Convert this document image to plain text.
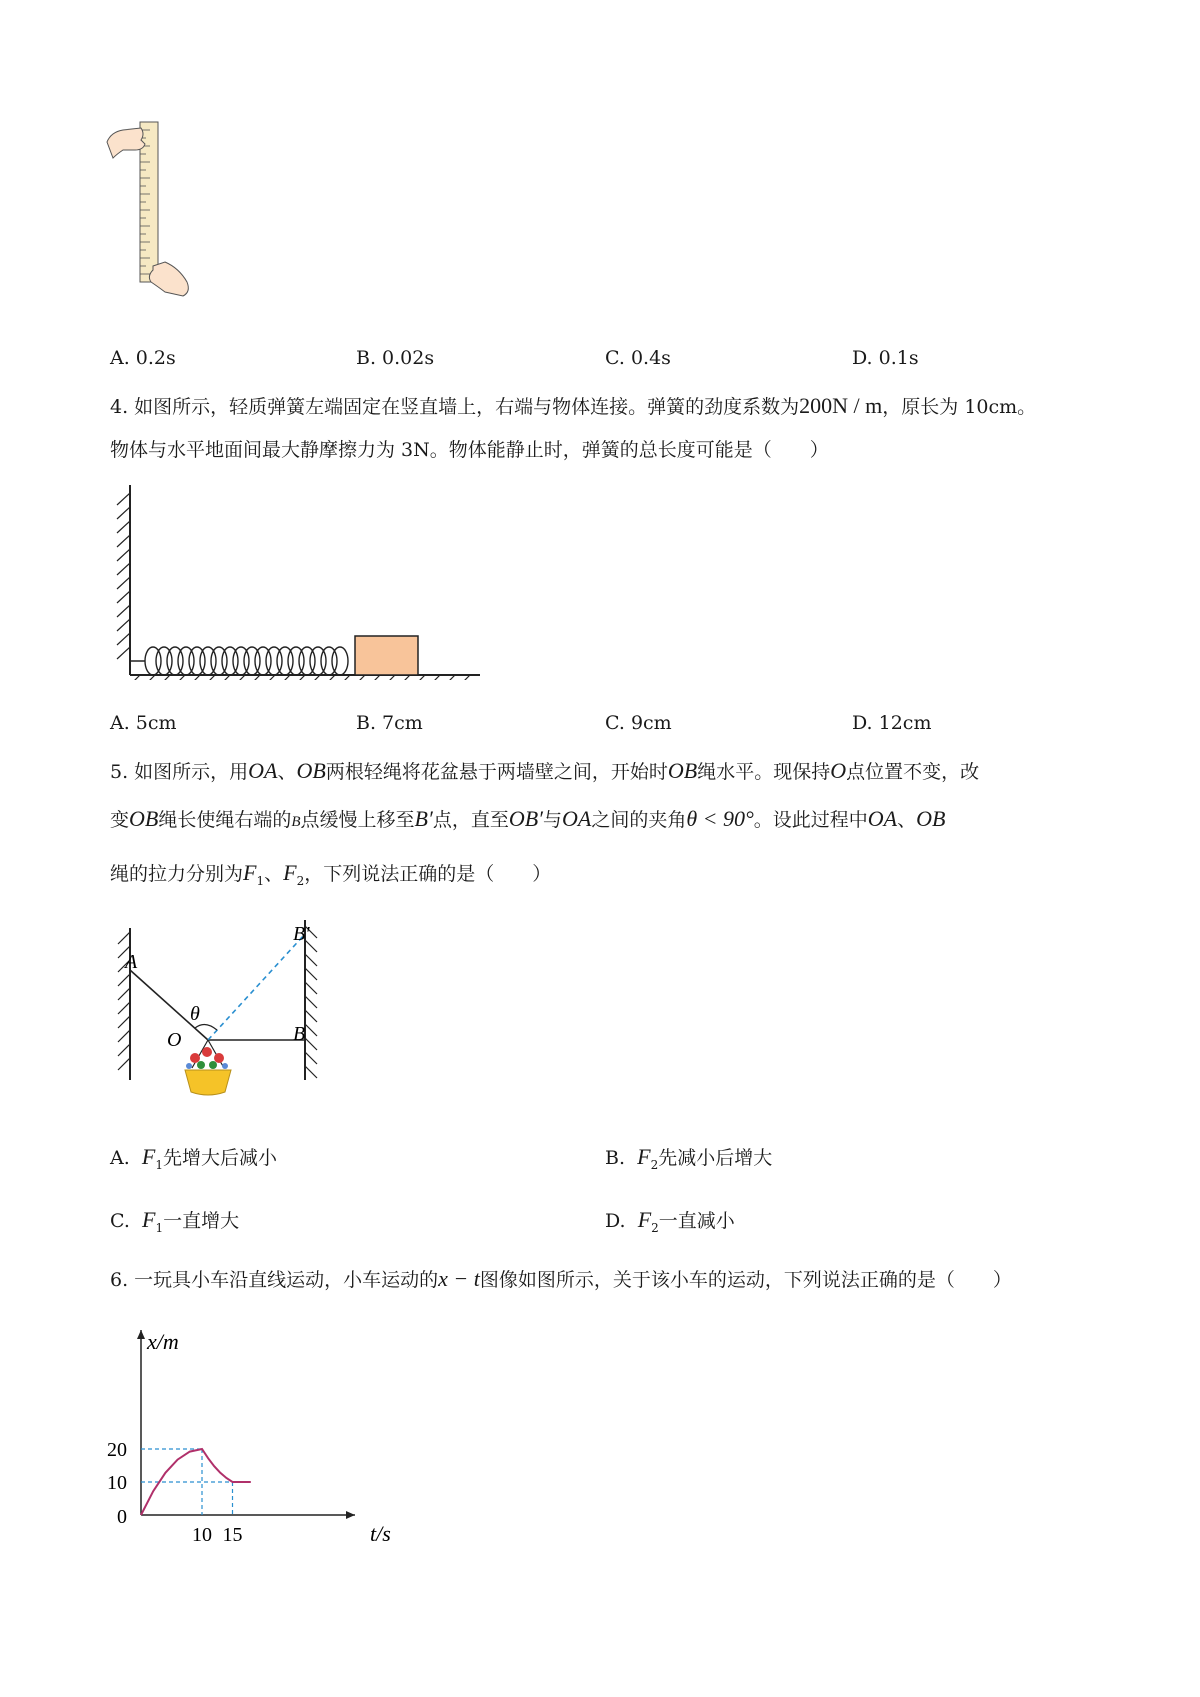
A. 0.2s	B. 0.02s	C. 0.4s	D. 0.1s
4. 如图所示，轻质弹簧左端固定在竖直墙上，右端与物体连接。弹簧的劲度系数为200N / m，原长为 10cm。
物体与水平地面间最大静摩擦力为 3N。物体能静止时，弹簧的总长度可能是（　　）
A. 5cm	B. 7cm	C. 9cm	D. 12cm
5. 如图所示，用OA、OB两根轻绳将花盆悬于两墙壁之间，开始时OB绳水平。现保持O点位置不变，改
变OB绳长使绳右端的B点缓慢上移至B′点，直至OB′与OA之间的夹角θ < 90°。设此过程中OA、OB
绳的拉力分别为$F_1$、$F_2$，下列说法正确的是（　　）
A
B
B′
O
θ
A. $F_1$先增大后减小	B. $F_2$先减小后增大
C. $F_1$一直增大	D. $F_2$一直减小
6. 一玩具小车沿直线运动，小车运动的x − t图像如图所示，关于该小车的运动，下列说法正确的是（　　）
10 15
20
10
0
t/s
x/m
